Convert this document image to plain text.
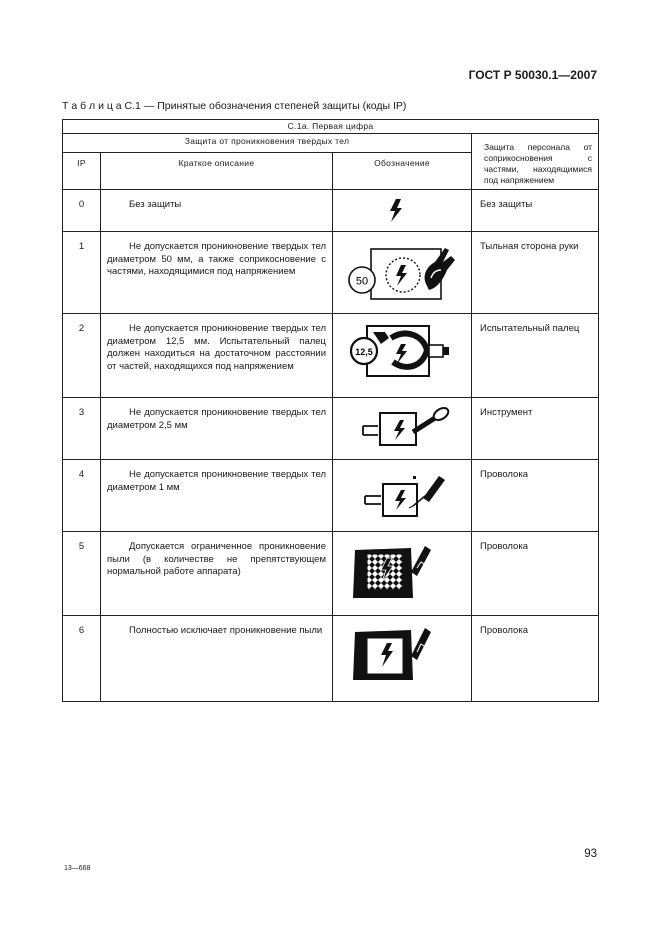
ГОСТ Р 50030.1—2007
Т а б л и ц а С.1 — Принятые обозначения степеней защиты (коды IP)
С.1а. Первая цифра			
Защита от проникновения твердых тел			Защита персонала от соприкосновения с частями, находящимися под напряжением
IP	Краткое описание	Обозначение	
0	Без защиты		Без защиты
1	Не допускается проникновение твердых тел диаметром 50 мм, а также соприкосновение с частями, находящимися под напряжением	50	Тыльная сторона руки
2	Не допускается проникновение твердых тел диаметром 12,5 мм. Испытательный палец должен находиться на достаточном расстоянии от частей, находящихся под напряжением	12,5	Испытательный палец
3	Не допускается проникновение твердых тел диаметром 2,5 мм		Инструмент
4	Не допускается проникновение твердых тел диаметром 1 мм		Проволока
5	Допускается ограниченное проникновение пыли (в количестве не препятствующем нормальной работе аппарата)		Проволока
6	Полностью исключает проникновение пыли		Проволока
13—668
93
